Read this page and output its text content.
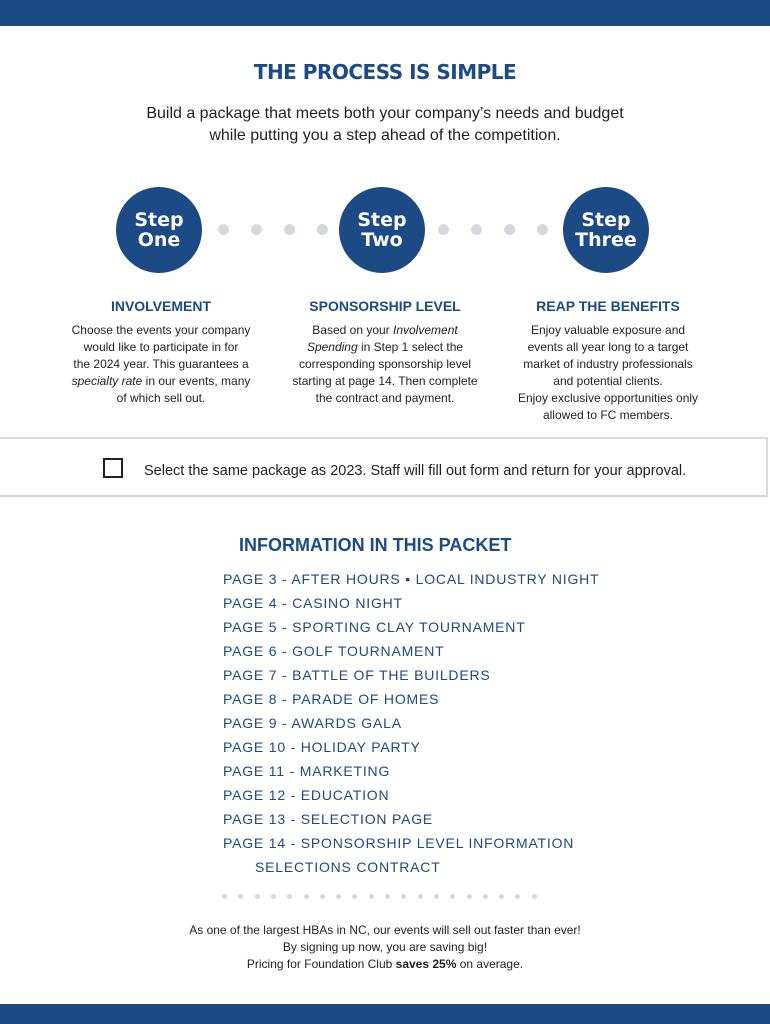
THE PROCESS IS SIMPLE
Build a package that meets both your company’s needs and budget
while putting you a step ahead of the competition.
Step
One
Step
Two
Step
Three
INVOLVEMENT	SPONSORSHIP LEVEL	REAP THE BENEFITS
Choose the events your company
would like to participate in for
the 2024 year. This guarantees a
specialty rate in our events, many
of which sell out.
Based on your Involvement
Spending in Step 1 select the
corresponding sponsorship level
starting at page 14. Then complete
the contract and payment.
Enjoy valuable exposure and
events all year long to a target
market of industry professionals
and potential clients.
Enjoy exclusive opportunities only
allowed to FC members.
Select the same package as 2023. Staff will fill out form and return for your approval.
INFORMATION IN THIS PACKET
PAGE 3 - AFTER HOURS • LOCAL INDUSTRY NIGHT
PAGE 4 - CASINO NIGHT
PAGE 5 - SPORTING CLAY TOURNAMENT
PAGE 6 - GOLF TOURNAMENT
PAGE 7 - BATTLE OF THE BUILDERS
PAGE 8 - PARADE OF HOMES
PAGE 9 - AWARDS GALA
PAGE 10 - HOLIDAY PARTY
PAGE 11 - MARKETING
PAGE 12 - EDUCATION
PAGE 13 - SELECTION PAGE
PAGE 14 - SPONSORSHIP LEVEL INFORMATION
SELECTIONS CONTRACT
As one of the largest HBAs in NC, our events will sell out faster than ever!
By signing up now, you are saving big!
Pricing for Foundation Club saves 25% on average.
